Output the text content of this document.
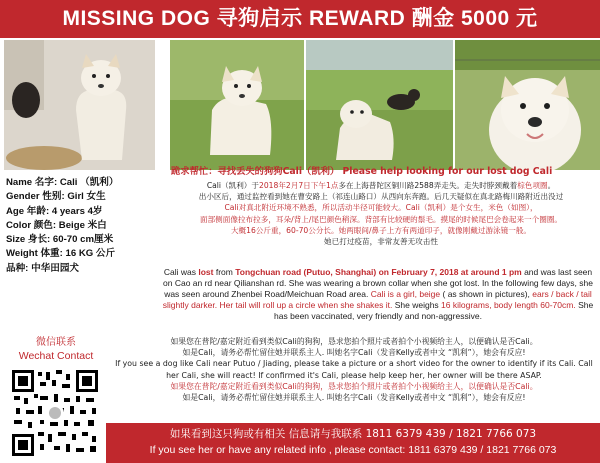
MISSING DOG 寻狗启示 REWARD 酬金 5000 元
Name 名字: Cali （凯利）
Gender 性别: Girl 女生
Age 年龄: 4 years 4岁
Color 颜色: Beige 米白
Size 身长: 60-70 cm厘米
Weight 体重: 16 KG 公斤
品种: 中华田园犬
跪求帮忙：寻找丢失的狗狗Cali（凯利） Please help looking for our lost dog Cali
Cali（凯利）于2018年2月7日下午1点多在上海普陀区铜川路2588弄走失。走失时脖颈戴着棕色项圈。
出小区后，通过监控看到她在曹安路上（祁连山路口）从西向东奔跑。后几天疑似在真北路梅川路附近出没过
Cali对真北附近环境不熟悉，所以活动半径可能较大。Cali（凯利）是个女生，米色（如图），
面部侧面像拉布拉多，耳朵/背上/尾巴颜色稍深。背部有比较硬的鬃毛。摸尾的时候尾巴会卷起来一个圈圈。
大概16公斤重，60-70公分长。她两眼间/鼻子上方有两道印子，就像刚戴过游泳镜一般。
她已打过疫苗，非常友善无攻击性
Cali was lost from Tongchuan road (Putuo, Shanghai) on February 7, 2018 at around 1 pm and was last seen on Cao an rd near Qilianshan rd. She was wearing a brown collar when she got lost. In the following few days, she was seen around Zhenbei Road/Meichuan Road area. Cali is a girl, beige ( as shown in pictures), ears / back / tail slightly darker. Her tail will roll up a circle when she shakes it. She weighs 16 kilograms, body length 60-70cm. She has been vaccinated, very friendly and non-aggressive.
微信联系
Wechat Contact
如果您在普陀/嘉定附近看到类似Cali的狗狗，恳求您拍个照片或者拍个小视频给主人，以便确认是否Cali。
如是Cali，请务必帮忙留住她并联系主人. 叫她名字Cali（发音Kelly或者中文 “凯利”），她会有反应!
If you see a dog like Cali near Putuo / Jiading, please take a picture or a short video for the owner to identify if its Cali. Call her Cali, she will react! If confirmed it's Cali, please help keep her, her owner will be there ASAP.
如果您在普陀/嘉定附近看到类似Cali的狗狗，恳求您拍个照片或者拍个小视频给主人，以便确认是否Cali。
如是Cali，请务必帮忙留住她并联系主人. 叫她名字Cali（发音Kelly或者中文 “凯利”），她会有反应!
如果看到这只狗或有相关 信息请与我联系 1811 6379 439 / 1821 7766 073
If you see her or have any related info , please contact: 1811 6379 439 / 1821 7766 073
